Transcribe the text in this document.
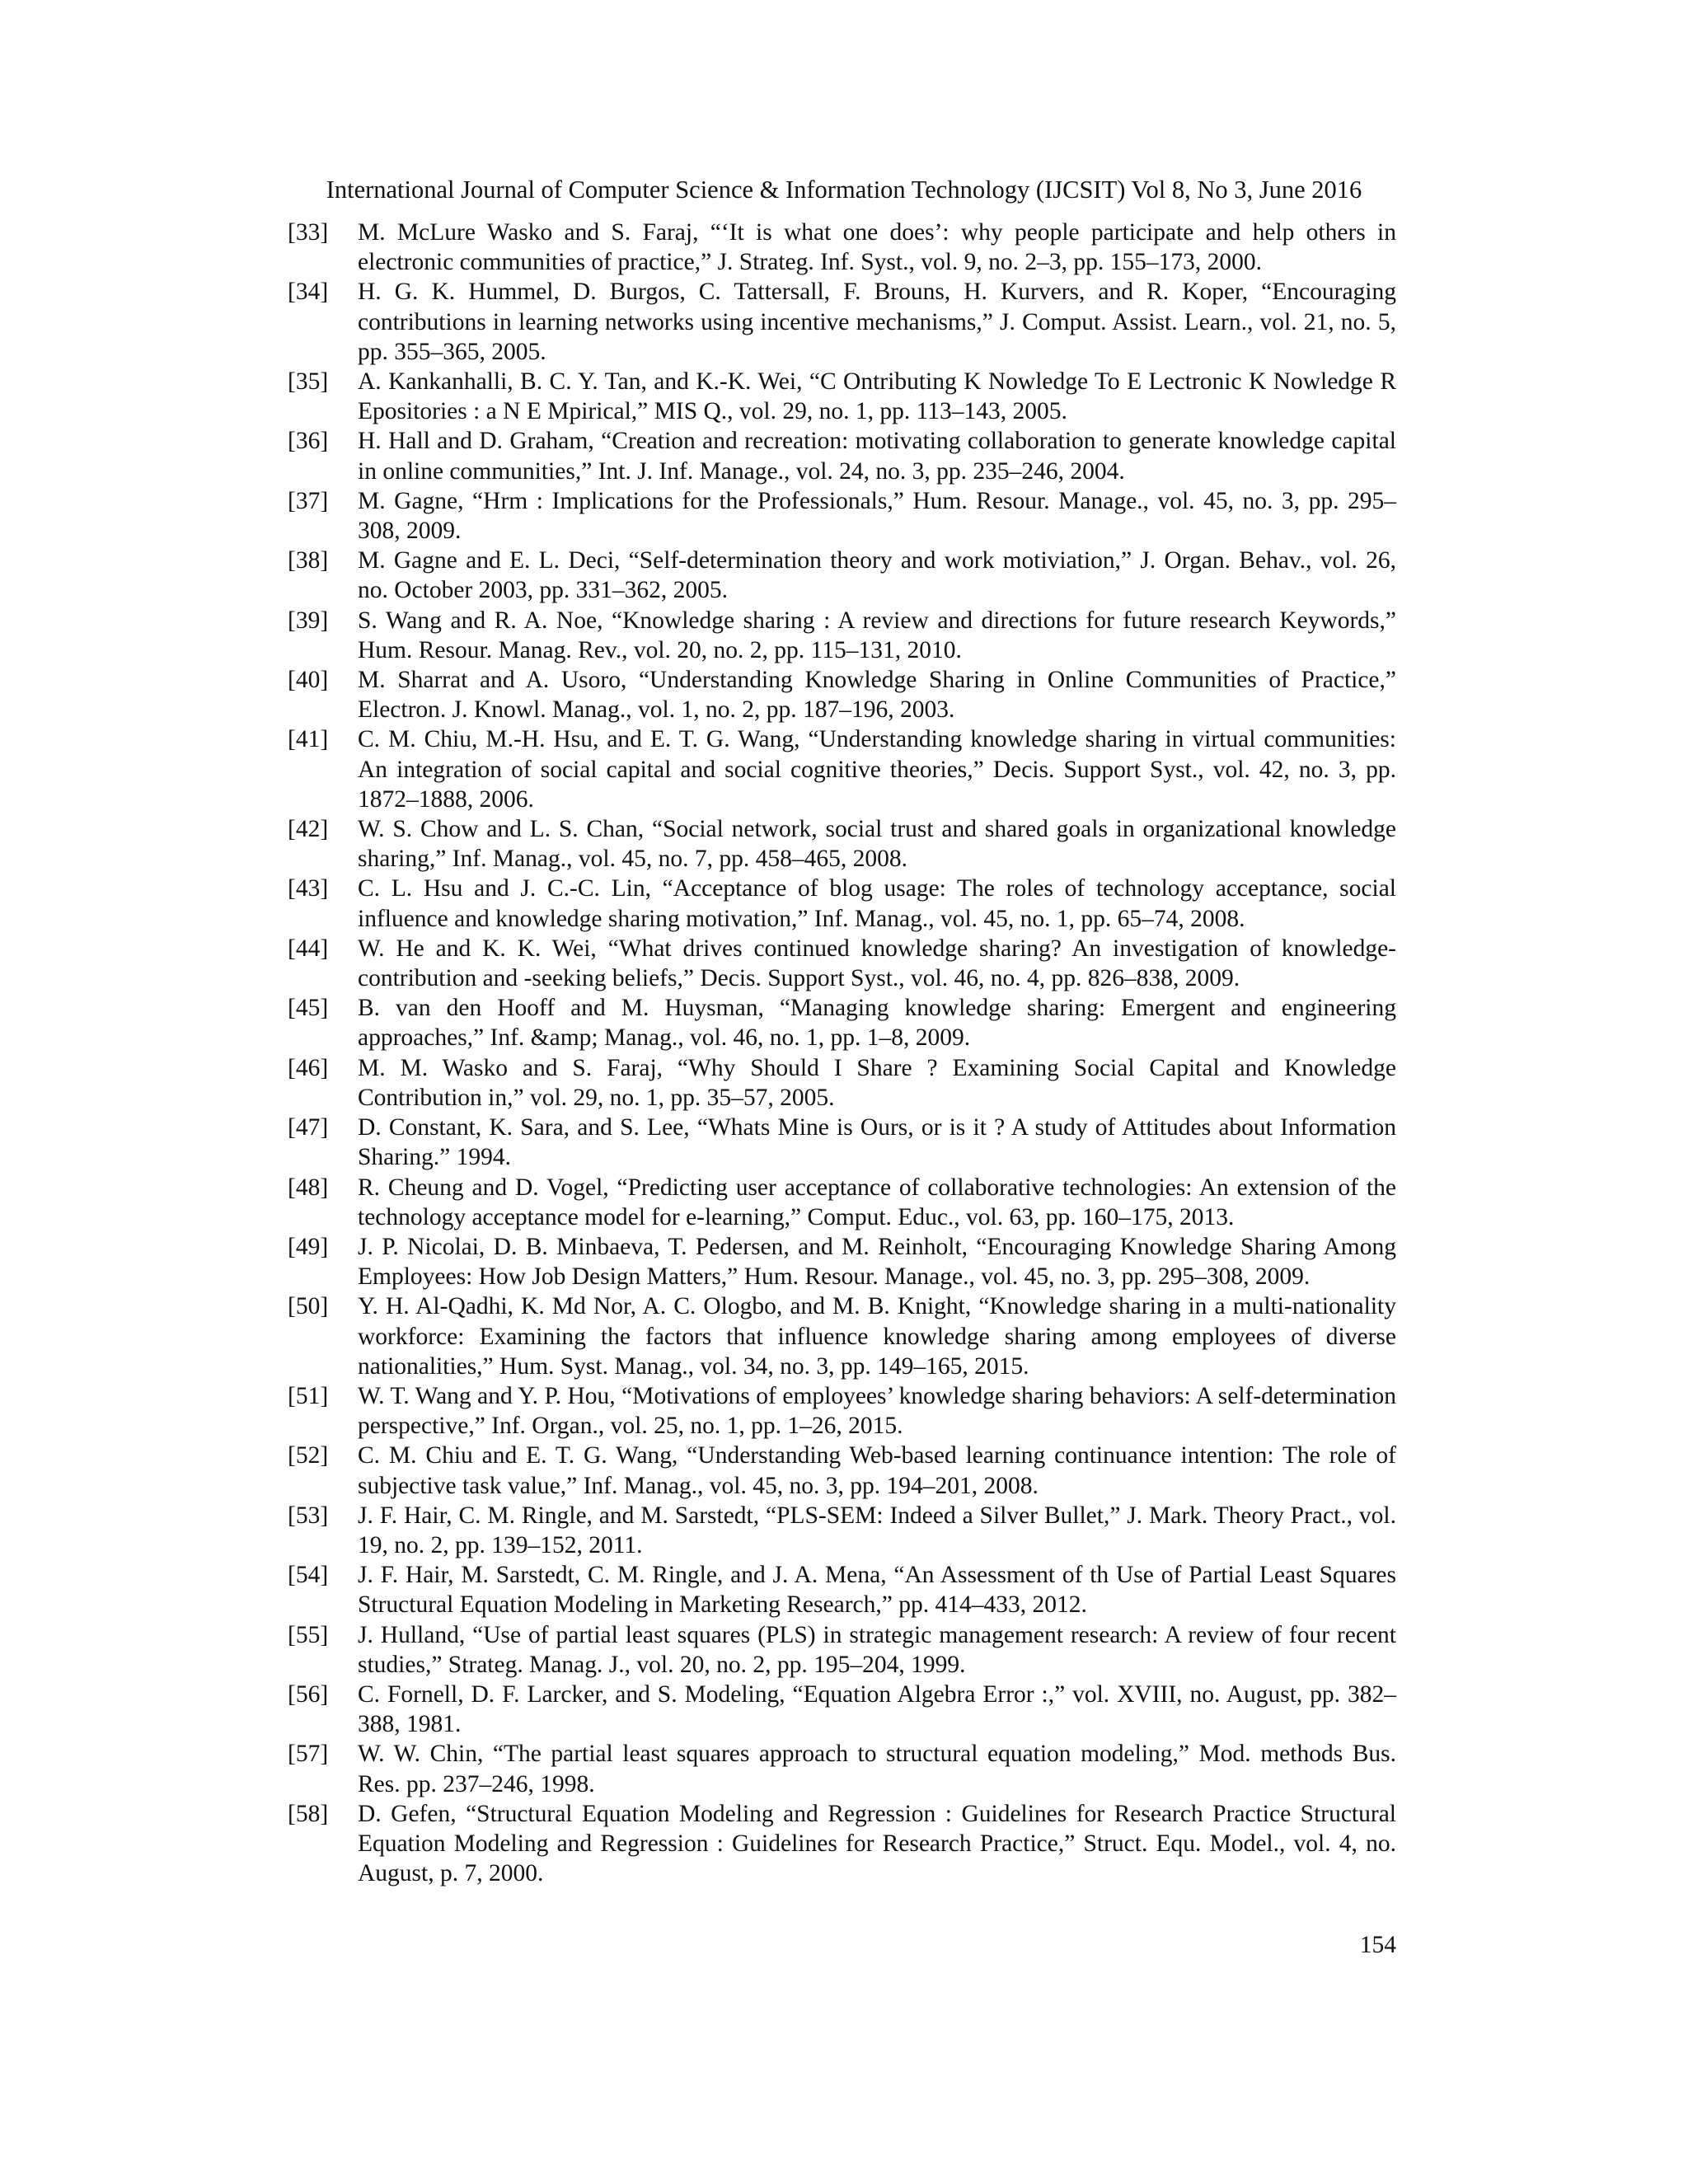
International Journal of Computer Science & Information Technology (IJCSIT) Vol 8, No 3, June 2016
[33]	M. McLure Wasko and S. Faraj, “‘It is what one does’: why people participate and help others in electronic communities of practice,” J. Strateg. Inf. Syst., vol. 9, no. 2–3, pp. 155–173, 2000.
[34]	H. G. K. Hummel, D. Burgos, C. Tattersall, F. Brouns, H. Kurvers, and R. Koper, “Encouraging contributions in learning networks using incentive mechanisms,” J. Comput. Assist. Learn., vol. 21, no. 5, pp. 355–365, 2005.
[35]	A. Kankanhalli, B. C. Y. Tan, and K.-K. Wei, “C Ontributing K Nowledge To E Lectronic K Nowledge R Epositories : a N E Mpirical,” MIS Q., vol. 29, no. 1, pp. 113–143, 2005.
[36]	H. Hall and D. Graham, “Creation and recreation: motivating collaboration to generate knowledge capital in online communities,” Int. J. Inf. Manage., vol. 24, no. 3, pp. 235–246, 2004.
[37]	M. Gagne, “Hrm : Implications for the Professionals,” Hum. Resour. Manage., vol. 45, no. 3, pp. 295–308, 2009.
[38]	M. Gagne and E. L. Deci, “Self-determination theory and work motiviation,” J. Organ. Behav., vol. 26, no. October 2003, pp. 331–362, 2005.
[39]	S. Wang and R. A. Noe, “Knowledge sharing : A review and directions for future research Keywords,” Hum. Resour. Manag. Rev., vol. 20, no. 2, pp. 115–131, 2010.
[40]	M. Sharrat and A. Usoro, “Understanding Knowledge Sharing in Online Communities of Practice,” Electron. J. Knowl. Manag., vol. 1, no. 2, pp. 187–196, 2003.
[41]	C. M. Chiu, M.-H. Hsu, and E. T. G. Wang, “Understanding knowledge sharing in virtual communities: An integration of social capital and social cognitive theories,” Decis. Support Syst., vol. 42, no. 3, pp. 1872–1888, 2006.
[42]	W. S. Chow and L. S. Chan, “Social network, social trust and shared goals in organizational knowledge sharing,” Inf. Manag., vol. 45, no. 7, pp. 458–465, 2008.
[43]	C. L. Hsu and J. C.-C. Lin, “Acceptance of blog usage: The roles of technology acceptance, social influence and knowledge sharing motivation,” Inf. Manag., vol. 45, no. 1, pp. 65–74, 2008.
[44]	W. He and K. K. Wei, “What drives continued knowledge sharing? An investigation of knowledge-contribution and -seeking beliefs,” Decis. Support Syst., vol. 46, no. 4, pp. 826–838, 2009.
[45]	B. van den Hooff and M. Huysman, “Managing knowledge sharing: Emergent and engineering approaches,” Inf. &amp; Manag., vol. 46, no. 1, pp. 1–8, 2009.
[46]	M. M. Wasko and S. Faraj, “Why Should I Share ? Examining Social Capital and Knowledge Contribution in,” vol. 29, no. 1, pp. 35–57, 2005.
[47]	D. Constant, K. Sara, and S. Lee, “Whats Mine is Ours, or is it ? A study of Attitudes about Information Sharing.” 1994.
[48]	R. Cheung and D. Vogel, “Predicting user acceptance of collaborative technologies: An extension of the technology acceptance model for e-learning,” Comput. Educ., vol. 63, pp. 160–175, 2013.
[49]	J. P. Nicolai, D. B. Minbaeva, T. Pedersen, and M. Reinholt, “Encouraging Knowledge Sharing Among Employees: How Job Design Matters,” Hum. Resour. Manage., vol. 45, no. 3, pp. 295–308, 2009.
[50]	Y. H. Al-Qadhi, K. Md Nor, A. C. Ologbo, and M. B. Knight, “Knowledge sharing in a multi-nationality workforce: Examining the factors that influence knowledge sharing among employees of diverse nationalities,” Hum. Syst. Manag., vol. 34, no. 3, pp. 149–165, 2015.
[51]	W. T. Wang and Y. P. Hou, “Motivations of employees’ knowledge sharing behaviors: A self-determination perspective,” Inf. Organ., vol. 25, no. 1, pp. 1–26, 2015.
[52]	C. M. Chiu and E. T. G. Wang, “Understanding Web-based learning continuance intention: The role of subjective task value,” Inf. Manag., vol. 45, no. 3, pp. 194–201, 2008.
[53]	J. F. Hair, C. M. Ringle, and M. Sarstedt, “PLS-SEM: Indeed a Silver Bullet,” J. Mark. Theory Pract., vol. 19, no. 2, pp. 139–152, 2011.
[54]	J. F. Hair, M. Sarstedt, C. M. Ringle, and J. A. Mena, “An Assessment of th Use of Partial Least Squares Structural Equation Modeling in Marketing Research,” pp. 414–433, 2012.
[55]	J. Hulland, “Use of partial least squares (PLS) in strategic management research: A review of four recent studies,” Strateg. Manag. J., vol. 20, no. 2, pp. 195–204, 1999.
[56]	C. Fornell, D. F. Larcker, and S. Modeling, “Equation Algebra Error :,” vol. XVIII, no. August, pp. 382–388, 1981.
[57]	W. W. Chin, “The partial least squares approach to structural equation modeling,” Mod. methods Bus. Res. pp. 237–246, 1998.
[58]	D. Gefen, “Structural Equation Modeling and Regression : Guidelines for Research Practice Structural Equation Modeling and Regression : Guidelines for Research Practice,” Struct. Equ. Model., vol. 4, no. August, p. 7, 2000.
154
